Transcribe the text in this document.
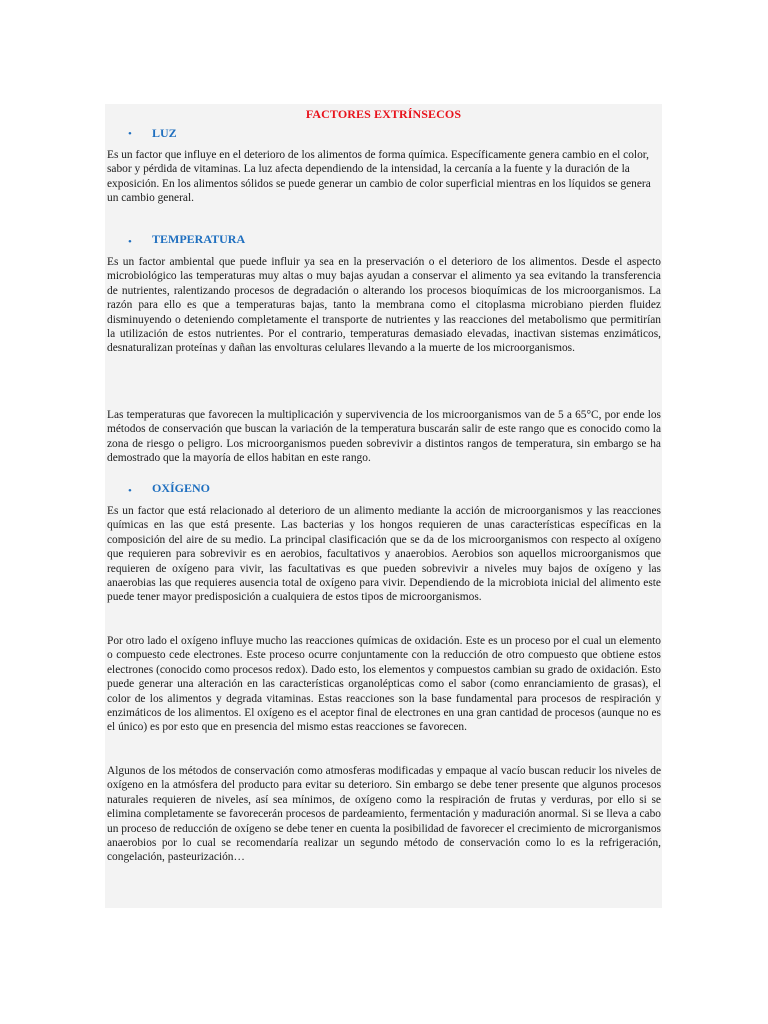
FACTORES EXTRÍNSECOS
• LUZ

Es un factor que influye en el deterioro de los alimentos de forma química. Específicamente genera cambio en el color, sabor y pérdida de vitaminas. La luz afecta dependiendo de la intensidad, la cercanía a la fuente y la duración de la exposición. En los alimentos sólidos se puede generar un cambio de color superficial mientras en los líquidos se genera un cambio general.

• TEMPERATURA

Es un factor ambiental que puede influir ya sea en la preservación o el deterioro de los alimentos. Desde el aspecto microbiológico las temperaturas muy altas o muy bajas ayudan a conservar el alimento ya sea evitando la transferencia de nutrientes, ralentizando procesos de degradación o alterando los procesos bioquímicas de los microorganismos. La razón para ello es que a temperaturas bajas, tanto la membrana como el citoplasma microbiano pierden fluidez disminuyendo o deteniendo completamente el transporte de nutrientes y las reacciones del metabolismo que permitirían la utilización de estos nutrientes. Por el contrario, temperaturas demasiado elevadas, inactivan sistemas enzimáticos, desnaturalizan proteínas y dañan las envolturas celulares llevando a la muerte de los microorganismos.

Las temperaturas que favorecen la multiplicación y supervivencia de los microorganismos van de 5 a 65°C, por ende los métodos de conservación que buscan la variación de la temperatura buscarán salir de este rango que es conocido como la zona de riesgo o peligro. Los microorganismos pueden sobrevivir a distintos rangos de temperatura, sin embargo se ha demostrado que la mayoría de ellos habitan en este rango.

• OXÍGENO

Es un factor que está relacionado al deterioro de un alimento mediante la acción de microorganismos y las reacciones químicas en las que está presente. Las bacterias y los hongos requieren de unas características específicas en la composición del aire de su medio. La principal clasificación que se da de los microorganismos con respecto al oxígeno que requieren para sobrevivir es en aerobios, facultativos y anaerobios. Aerobios son aquellos microorganismos que requieren de oxígeno para vivir, las facultativas es que pueden sobrevivir a niveles muy bajos de oxígeno y las anaerobias las que requieres ausencia total de oxígeno para vivir. Dependiendo de la microbiota inicial del alimento este puede tener mayor predisposición a cualquiera de estos tipos de microorganismos.

Por otro lado el oxígeno influye mucho las reacciones químicas de oxidación. Este es un proceso por el cual un elemento o compuesto cede electrones. Este proceso ocurre conjuntamente con la reducción de otro compuesto que obtiene estos electrones (conocido como procesos redox). Dado esto, los elementos y compuestos cambian su grado de oxidación. Esto puede generar una alteración en las características organolépticas como el sabor (como enranciamiento de grasas), el color de los alimentos y degrada vitaminas. Estas reacciones son la base fundamental para procesos de respiración y enzimáticos de los alimentos. El oxígeno es el aceptor final de electrones en una gran cantidad de procesos (aunque no es el único) es por esto que en presencia del mismo estas reacciones se favorecen.

Algunos de los métodos de conservación como atmosferas modificadas y empaque al vacío buscan reducir los niveles de oxígeno en la atmósfera del producto para evitar su deterioro. Sin embargo se debe tener presente que algunos procesos naturales requieren de niveles, así sea mínimos, de oxígeno como la respiración de frutas y verduras, por ello si se elimina completamente se favorecerán procesos de pardeamiento, fermentación y maduración anormal. Si se lleva a cabo un proceso de reducción de oxígeno se debe tener en cuenta la posibilidad de favorecer el crecimiento de microrganismos anaerobios por lo cual se recomendaría realizar un segundo método de conservación como lo es la refrigeración, congelación, pasteurización…
